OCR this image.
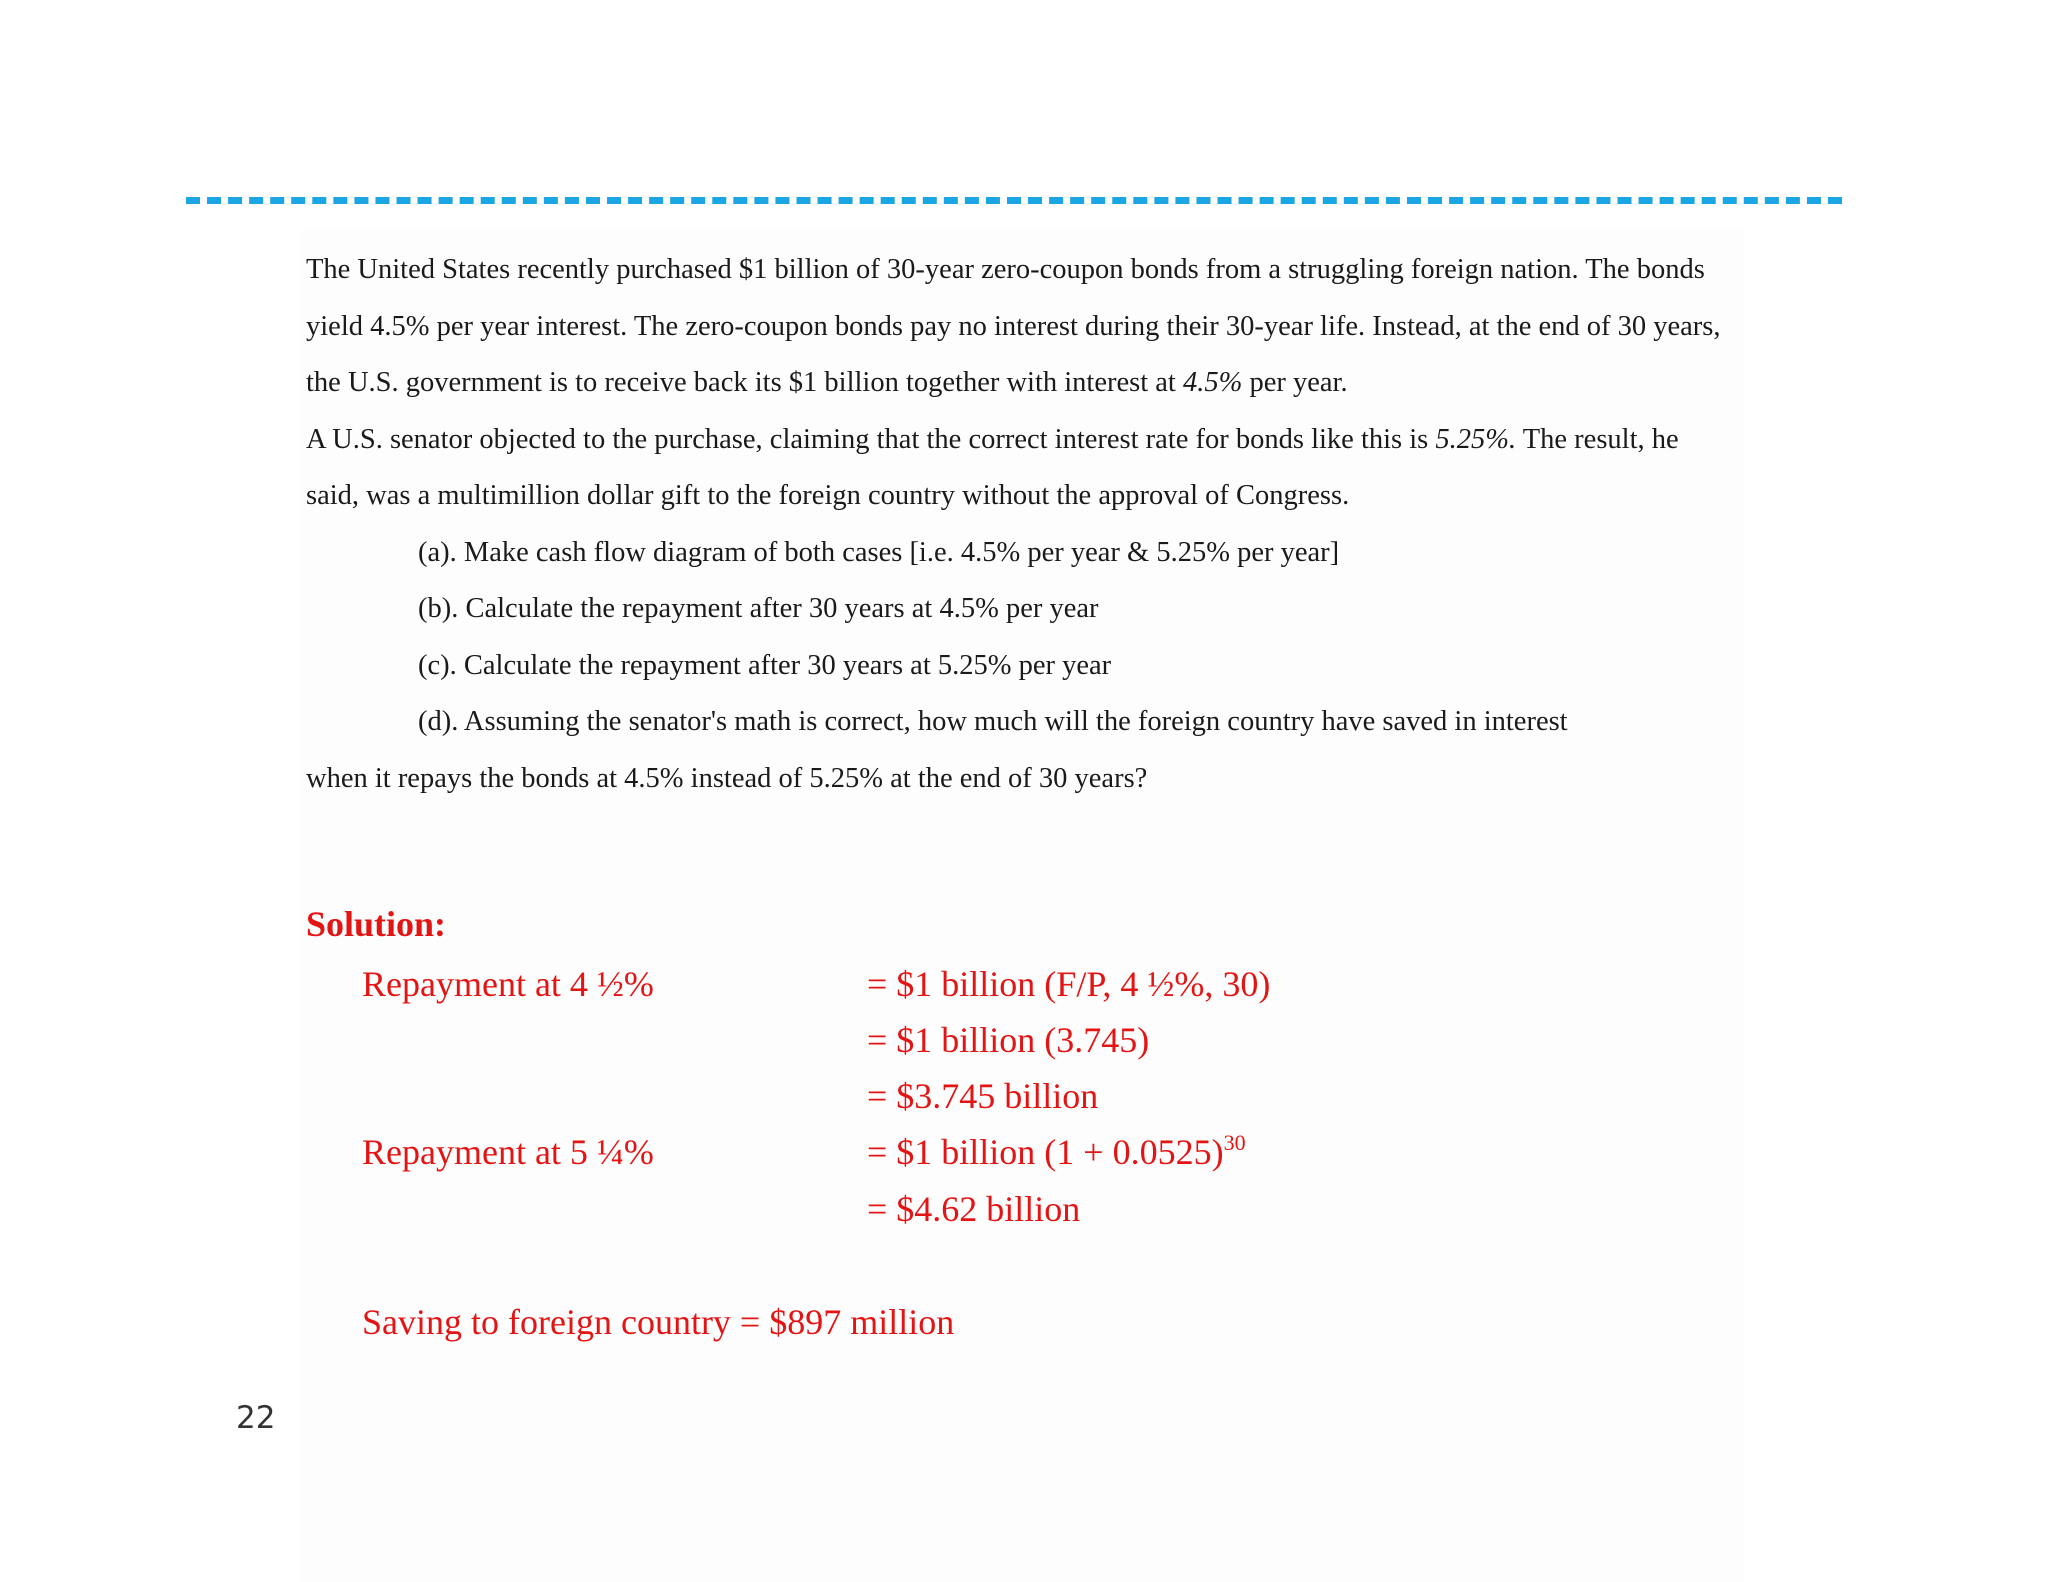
The United States recently purchased $1 billion of 30-year zero-coupon bonds from a struggling foreign nation. The bonds yield 4.5% per year interest. The zero-coupon bonds pay no interest during their 30-year life. Instead, at the end of 30 years, the U.S. government is to receive back its $1 billion together with interest at 4.5% per year.

A U.S. senator objected to the purchase, claiming that the correct interest rate for bonds like this is 5.25%. The result, he said, was a multimillion dollar gift to the foreign country without the approval of Congress.

(a). Make cash flow diagram of both cases [i.e. 4.5% per year & 5.25% per year]

(b). Calculate the repayment after 30 years at 4.5% per year

(c). Calculate the repayment after 30 years at 5.25% per year

(d). Assuming the senator's math is correct, how much will the foreign country have saved in interest

when it repays the bonds at 4.5% instead of 5.25% at the end of 30 years?

Solution:
Repayment at 4 ½%	= $1 billion (F/P, 4 ½%, 30)
= $1 billion (3.745)
= $3.745 billion
Repayment at 5 ¼%	= $1 billion $(1 + 0.0525)^{30}$
= $4.62 billion
Saving to foreign country = $897 million
22
